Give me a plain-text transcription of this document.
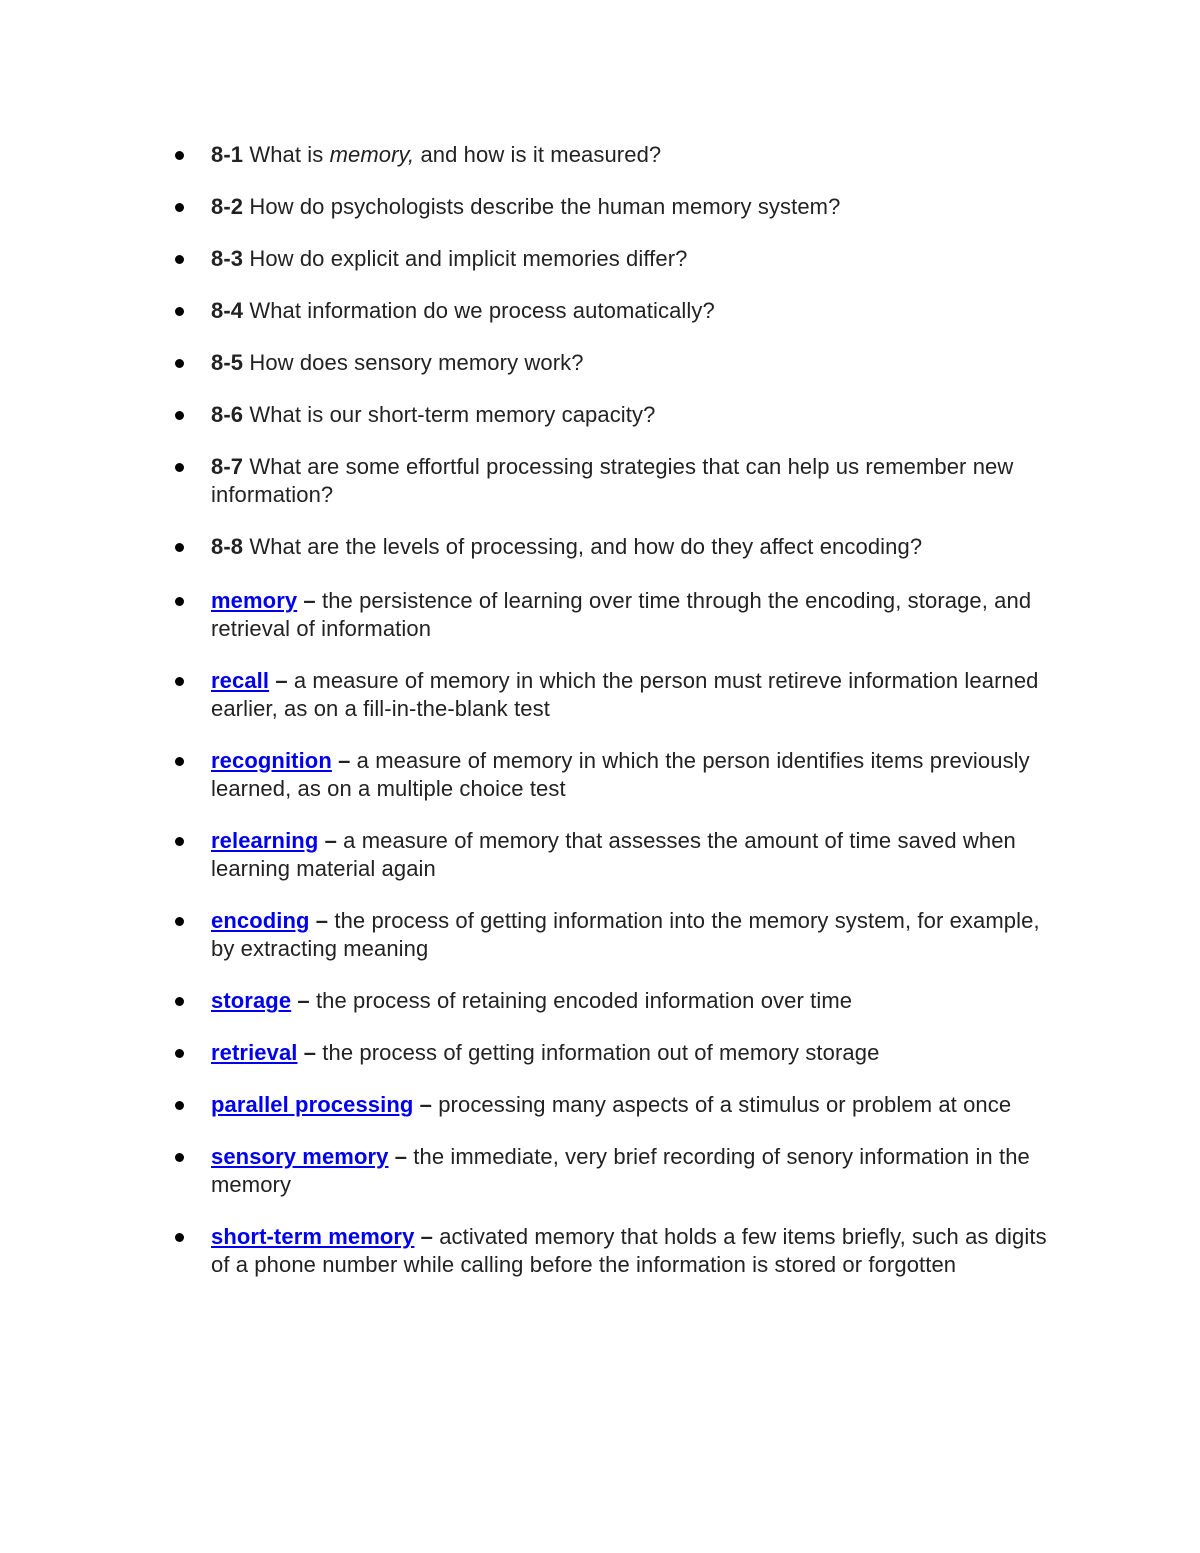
8-1 What is memory, and how is it measured?
8-2 How do psychologists describe the human memory system?
8-3 How do explicit and implicit memories differ?
8-4 What information do we process automatically?
8-5 How does sensory memory work?
8-6 What is our short-term memory capacity?
8-7 What are some effortful processing strategies that can help us remember new information?
8-8 What are the levels of processing, and how do they affect encoding?
memory – the persistence of learning over time through the encoding, storage, and retrieval of information
recall – a measure of memory in which the person must retireve information learned earlier, as on a fill-in-the-blank test
recognition – a measure of memory in which the person identifies items previously learned, as on a multiple choice test
relearning – a measure of memory that assesses the amount of time saved when learning material again
encoding – the process of getting information into the memory system, for example, by extracting meaning
storage – the process of retaining encoded information over time
retrieval – the process of getting information out of memory storage
parallel processing – processing many aspects of a stimulus or problem at once
sensory memory – the immediate, very brief recording of senory information in the memory
short-term memory – activated memory that holds a few items briefly, such as digits of a phone number while calling before the information is stored or forgotten
